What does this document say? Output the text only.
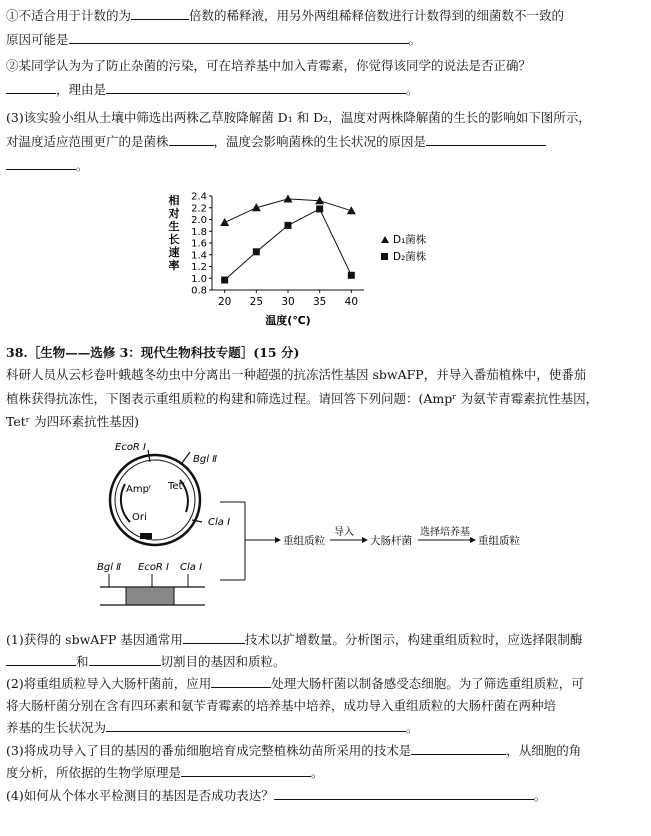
①不适合用于计数的为	倍数的稀释液，用另外两组稀释倍数进行计数得到的细菌数不一致的
原因可能是	。
②某同学认为为了防止杂菌的污染，可在培养基中加入青霉素，你觉得该同学的说法是否正确？
，理由是	。
(3)该实验小组从土壤中筛选出两株乙草胺降解菌 D₁ 和 D₂，温度对两株降解菌的生长的影响如下图所示，
对温度适应范围更广的是菌株	，温度会影响菌株的生长状况的原因是
。
相
对
生
长
速
率
0.8
1.0
1.2
1.4
1.6
1.8
2.0
2.2
2.4
20 25 30 35 40
温度(℃)
D₁菌株
D₂菌株
38.［生物——选修 3：现代生物科技专题］(15 分)
科研人员从云杉卷叶蛾越冬幼虫中分离出一种超强的抗冻活性基因 sbwAFP，并导入番茄植株中，使番茄
植株获得抗冻性，下图表示重组质粒的构建和筛选过程。请回答下列问题：(Ampʳ 为氨苄青霉素抗性基因，
Tetʳ 为四环素抗性基因)
EcoR Ⅰ
Bgl Ⅱ
Ampʳ Tetʳ
Ori	Cla Ⅰ
Bgl Ⅱ EcoR Ⅰ Cla Ⅰ
重组质粒
导入
大肠杆菌
选择培养基
重组质粒
(1)获得的 sbwAFP 基因通常用	技术以扩增数量。分析图示，构建重组质粒时，应选择限制酶
和	切割目的基因和质粒。
(2)将重组质粒导入大肠杆菌前，应用	处理大肠杆菌以制备感受态细胞。为了筛选重组质粒，可
将大肠杆菌分别在含有四环素和氨苄青霉素的培养基中培养，成功导入重组质粒的大肠杆菌在两种培
养基的生长状况为	。
(3)将成功导入了目的基因的番茄细胞培育成完整植株幼苗所采用的技术是	，从细胞的角
度分析，所依据的生物学原理是	。
(4)如何从个体水平检测目的基因是否成功表达？	。
